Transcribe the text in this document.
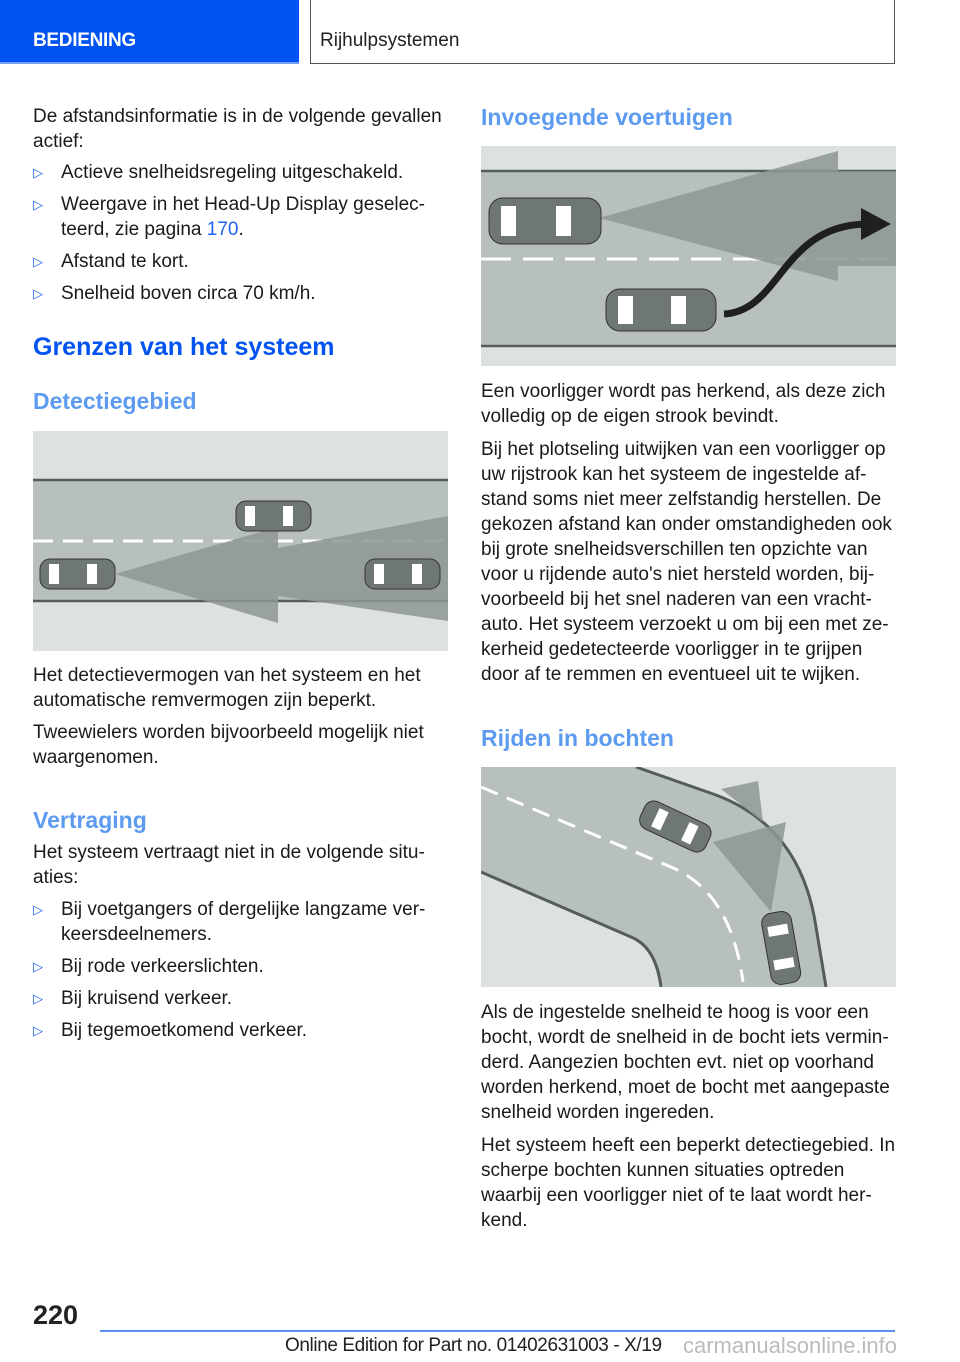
BEDIENING	Rijhulpsystemen

De afstandsinformatie is in de volgende gevallen actief:

▷ Actieve snelheidsregeling uitgeschakeld.
▷ Weergave in het Head-Up Display geselecteerd, zie pagina 170.
▷ Afstand te kort.
▷ Snelheid boven circa 70 km/h.
Grenzen van het systeem
Detectiegebied

Het detectievermogen van het systeem en het automatische remvermogen zijn beperkt.

Tweewielers worden bijvoorbeeld mogelijk niet waargenomen.

Vertraging

Het systeem vertraagt niet in de volgende situaties:

▷ Bij voetgangers of dergelijke langzame verkeersdeelnemers.
▷ Bij rode verkeerslichten.
▷ Bij kruisend verkeer.
▷ Bij tegemoetkomend verkeer.
Invoegende voertuigen

Een voorligger wordt pas herkend, als deze zich volledig op de eigen strook bevindt.

Bij het plotseling uitwijken van een voorligger op uw rijstrook kan het systeem de ingestelde afstand soms niet meer zelfstandig herstellen. De gekozen afstand kan onder omstandigheden ook bij grote snelheidsverschillen ten opzichte van voor u rijdende auto's niet hersteld worden, bijvoorbeeld bij het snel naderen van een vrachtauto. Het systeem verzoekt u om bij een met zekerheid gedetecteerde voorligger in te grijpen door af te remmen en eventueel uit te wijken.

Rijden in bochten

Als de ingestelde snelheid te hoog is voor een bocht, wordt de snelheid in de bocht iets verminderd. Aangezien bochten evt. niet op voorhand worden herkend, moet de bocht met aangepaste snelheid worden ingereden.

Het systeem heeft een beperkt detectiegebied. In scherpe bochten kunnen situaties optreden waarbij een voorligger niet of te laat wordt herkend.

220
Online Edition for Part no. 01402631003 - X/19 carmanualsonline.info
